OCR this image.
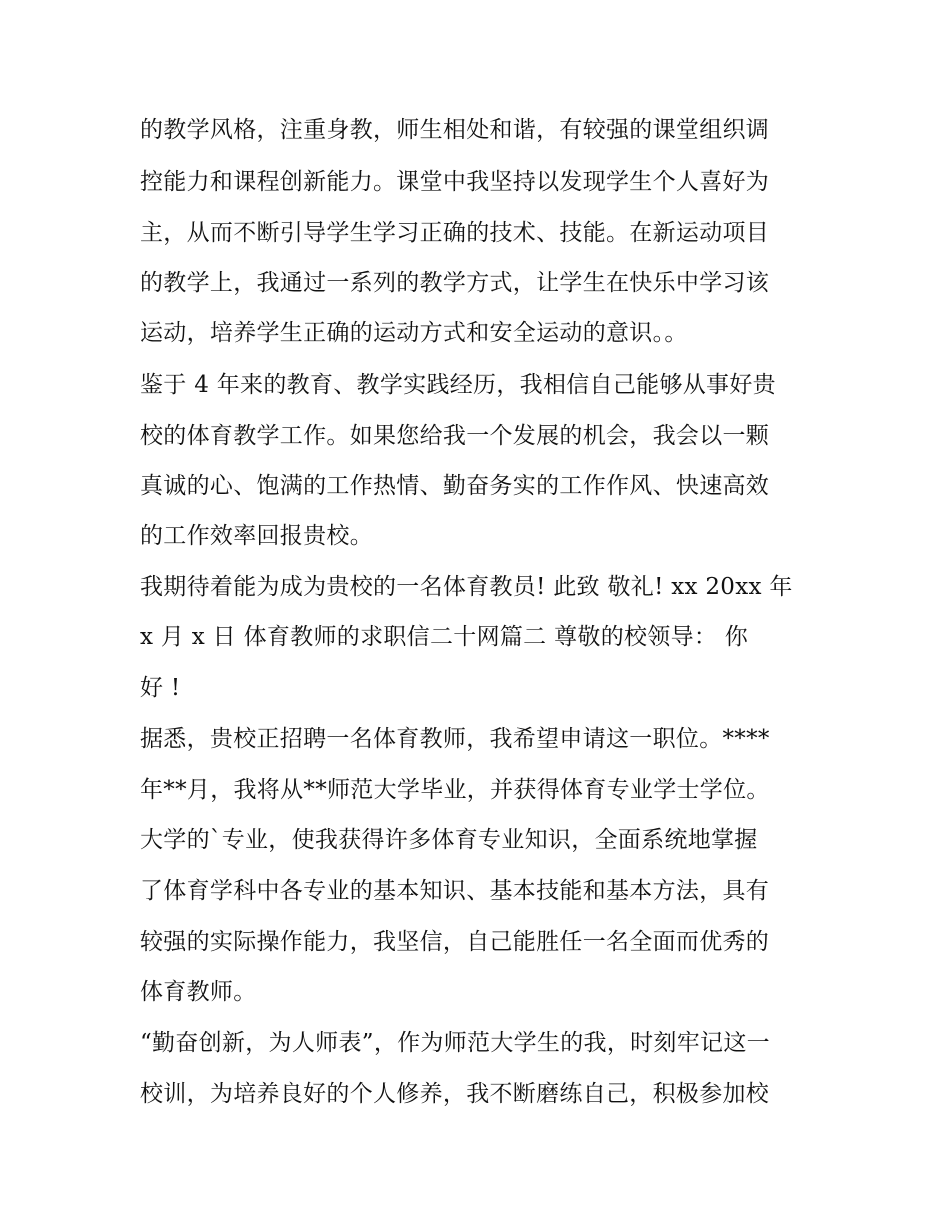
的教学风格，注重身教，师生相处和谐，有较强的课堂组织调
控能力和课程创新能力。课堂中我坚持以发现学生个人喜好为
主，从而不断引导学生学习正确的技术、技能。在新运动项目
的教学上，我通过一系列的教学方式，让学生在快乐中学习该
运动，培养学生正确的运动方式和安全运动的意识。。
鉴于 4 年来的教育、教学实践经历，我相信自己能够从事好贵
校的体育教学工作。如果您给我一个发展的机会，我会以一颗
真诚的心、饱满的工作热情、勤奋务实的工作作风、快速高效
的工作效率回报贵校。
我期待着能为成为贵校的一名体育教员! 此致 敬礼! xx 20xx 年
x 月 x 日 体育教师的求职信二十网篇二 尊敬的校领导： 你
好 !
据悉，贵校正招聘一名体育教师，我希望申请这一职位。****
年**月，我将从**师范大学毕业，并获得体育专业学士学位。
大学的`专业，使我获得许多体育专业知识，全面系统地掌握
了体育学科中各专业的基本知识、基本技能和基本方法，具有
较强的实际操作能力，我坚信，自己能胜任一名全面而优秀的
体育教师。
“勤奋创新，为人师表”，作为师范大学生的我，时刻牢记这一
校训，为培养良好的个人修养，我不断磨练自己，积极参加校
